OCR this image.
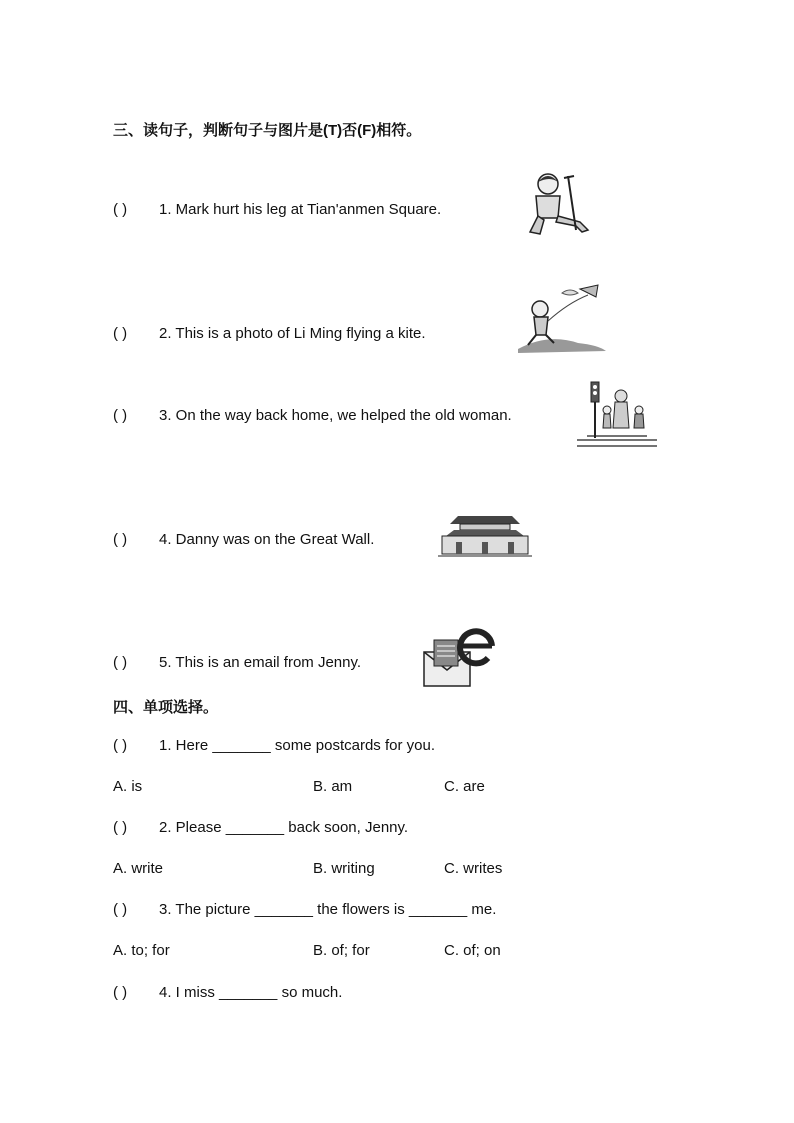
三、读句子，判断句子与图片是(T)否(F)相符。
( ) 1. Mark hurt his leg at Tian'anmen Square.
( ) 2. This is a photo of Li Ming flying a kite.
( ) 3. On the way back home, we helped the old woman.
( ) 4. Danny was on the Great Wall.
( ) 5. This is an email from Jenny.
四、单项选择。
( ) 1. Here _______ some postcards for you.
A. is	B. am	C. are
( ) 2. Please _______ back soon, Jenny.
A. write	B. writing	C. writes
( ) 3. The picture _______ the flowers is _______ me.
A. to; for	B. of; for	C. of; on
( ) 4. I miss _______ so much.
